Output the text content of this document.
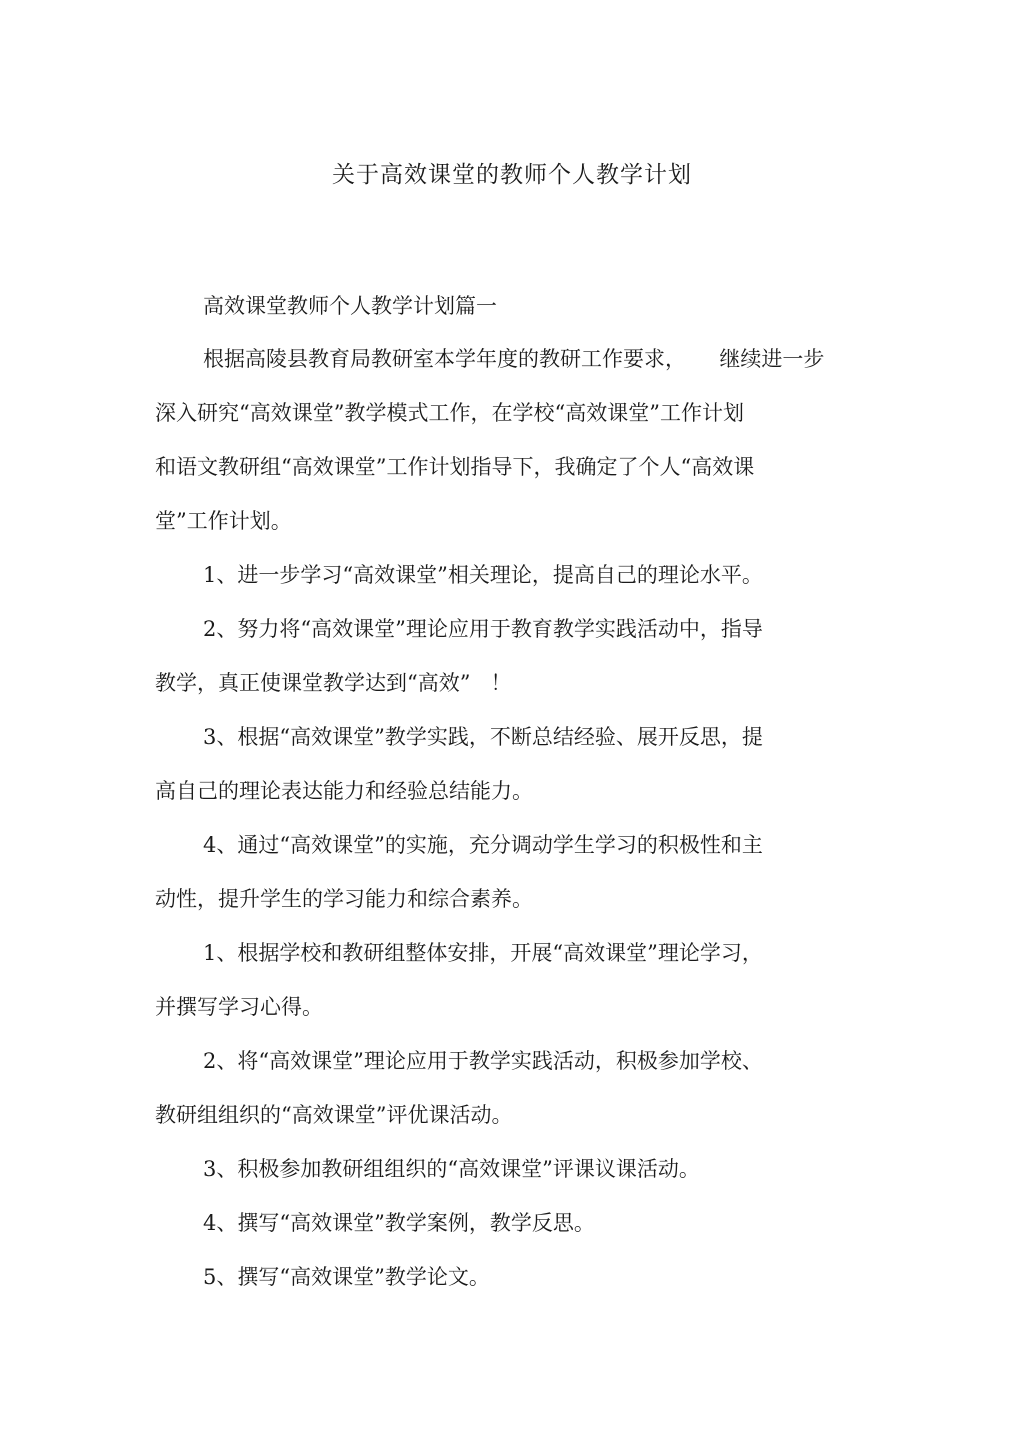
关于高效课堂的教师个人教学计划
高效课堂教师个人教学计划篇一
根据高陵县教育局教研室本学年度的教研工作要求，     继续进一步
深入研究“高效课堂”教学模式工作，在学校“高效课堂”工作计划
和语文教研组“高效课堂”工作计划指导下，我确定了个人“高效课
堂”工作计划。
1、进一步学习“高效课堂”相关理论，提高自己的理论水平。
2、努力将“高效课堂”理论应用于教育教学实践活动中，指导
教学，真正使课堂教学达到“高效”   ！
3、根据“高效课堂”教学实践，不断总结经验、展开反思，提
高自己的理论表达能力和经验总结能力。
4、通过“高效课堂”的实施，充分调动学生学习的积极性和主
动性，提升学生的学习能力和综合素养。
1、根据学校和教研组整体安排，开展“高效课堂”理论学习，
并撰写学习心得。
2、将“高效课堂”理论应用于教学实践活动，积极参加学校、
教研组组织的“高效课堂”评优课活动。
3、积极参加教研组组织的“高效课堂”评课议课活动。
4、撰写“高效课堂”教学案例，教学反思。
5、撰写“高效课堂”教学论文。
